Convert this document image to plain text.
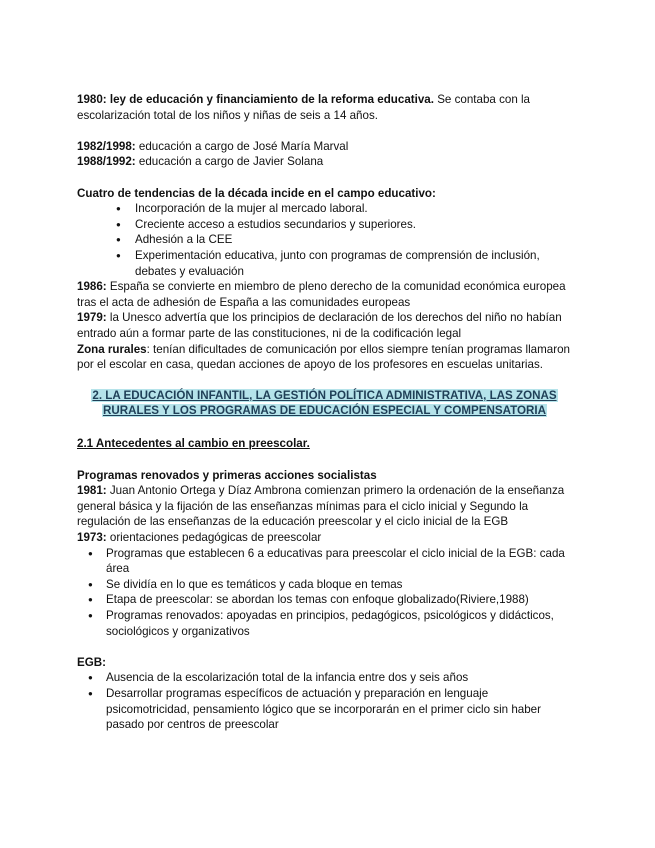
1980: ley de educación y financiamiento de la reforma educativa. Se contaba con la escolarización total de los niños y niñas de seis a 14 años.

1982/1998: educación a cargo de José María Marval

1988/1992: educación a cargo de Javier Solana

Cuatro de tendencias de la década incide en el campo educativo:

● Incorporación de la mujer al mercado laboral.
● Creciente acceso a estudios secundarios y superiores.
● Adhesión a la CEE
● Experimentación educativa, junto con programas de comprensión de inclusión, debates y evaluación

1986: España se convierte en miembro de pleno derecho de la comunidad económica europea tras el acta de adhesión de España a las comunidades europeas

1979: la Unesco advertía que los principios de declaración de los derechos del niño no habían entrado aún a formar parte de las constituciones, ni de la codificación legal

Zona rurales: tenían dificultades de comunicación por ellos siempre tenían programas llamaron por el escolar en casa, quedan acciones de apoyo de los profesores en escuelas unitarias.

2. LA EDUCACIÓN INFANTIL, LA GESTIÓN POLÍTICA ADMINISTRATIVA, LAS ZONAS
RURALES Y LOS PROGRAMAS DE EDUCACIÓN ESPECIAL Y COMPENSATORIA

2.1 Antecedentes al cambio en preescolar.

Programas renovados y primeras acciones socialistas

1981: Juan Antonio Ortega y Díaz Ambrona comienzan primero la ordenación de la enseñanza general básica y la fijación de las enseñanzas mínimas para el ciclo inicial y Segundo la regulación de las enseñanzas de la educación preescolar y el ciclo inicial de la EGB

1973: orientaciones pedagógicas de preescolar

● Programas que establecen 6 a educativas para preescolar el ciclo inicial de la EGB: cada área
● Se dividía en lo que es temáticos y cada bloque en temas
● Etapa de preescolar: se abordan los temas con enfoque globalizado(Riviere,1988)
● Programas renovados: apoyadas en principios, pedagógicos, psicológicos y didácticos, sociológicos y organizativos

EGB:

● Ausencia de la escolarización total de la infancia entre dos y seis años
● Desarrollar programas específicos de actuación y preparación en lenguaje psicomotricidad, pensamiento lógico que se incorporarán en el primer ciclo sin haber pasado por centros de preescolar
